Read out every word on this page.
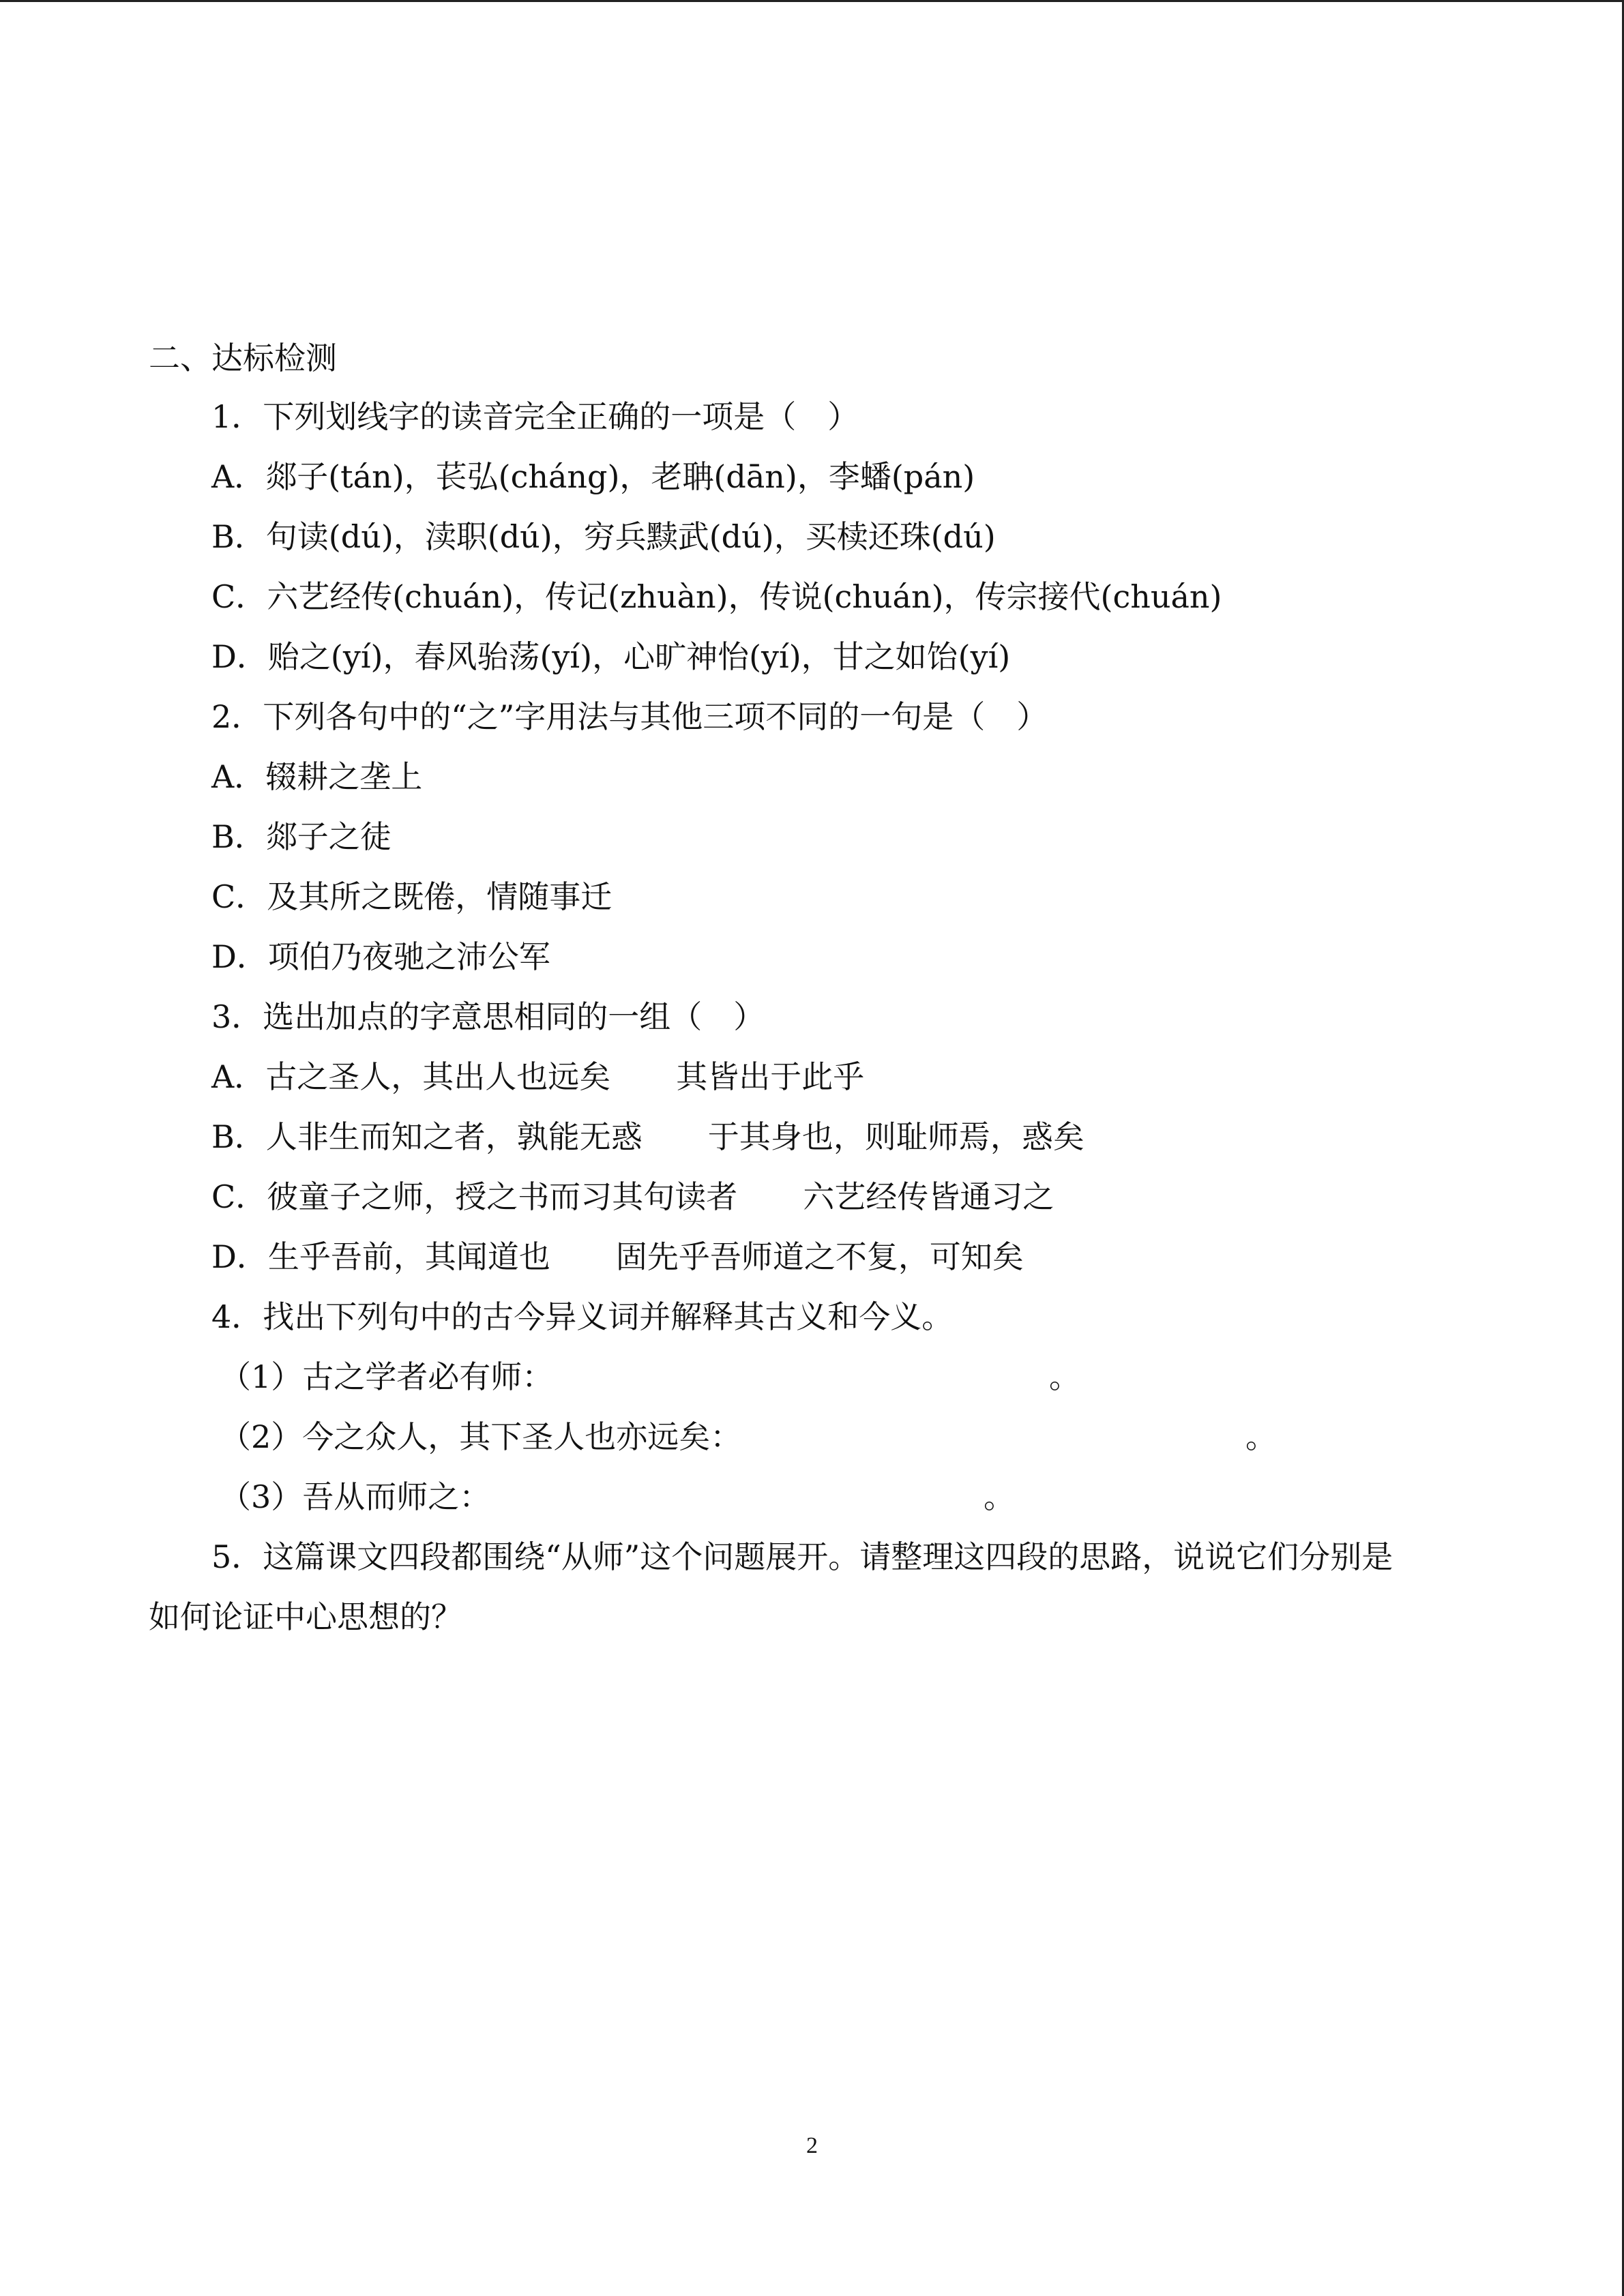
二、达标检测
1．下列划线字的读音完全正确的一项是（　）
A．郯子(tán)，苌弘(cháng)，老聃(dān)，李蟠(pán)
B．句读(dú)，渎职(dú)，穷兵黩武(dú)，买椟还珠(dú)
C．六艺经传(chuán)，传记(zhuàn)，传说(chuán)，传宗接代(chuán)
D．贻之(yí)，春风骀荡(yí)，心旷神怡(yí)，甘之如饴(yí)
2．下列各句中的“之”字用法与其他三项不同的一句是（　）
A．辍耕之垄上
B．郯子之徒
C．及其所之既倦，情随事迁
D．项伯乃夜驰之沛公军
3．选出加点的字意思相同的一组（　）
A．古之圣人，其出人也远矣 其皆出于此乎
B．人非生而知之者，孰能无惑 于其身也，则耻师焉，惑矣
C．彼童子之师，授之书而习其句读者 六艺经传皆通习之
D．生乎吾前，其闻道也 固先乎吾师道之不复，可知矣
4．找出下列句中的古今异义词并解释其古义和今义。
（1）古之学者必有师：	。
（2）今之众人，其下圣人也亦远矣：	。
（3）吾从而师之：	。
5．这篇课文四段都围绕“从师”这个问题展开。请整理这四段的思路，说说它们分别是
如何论证中心思想的？
2
